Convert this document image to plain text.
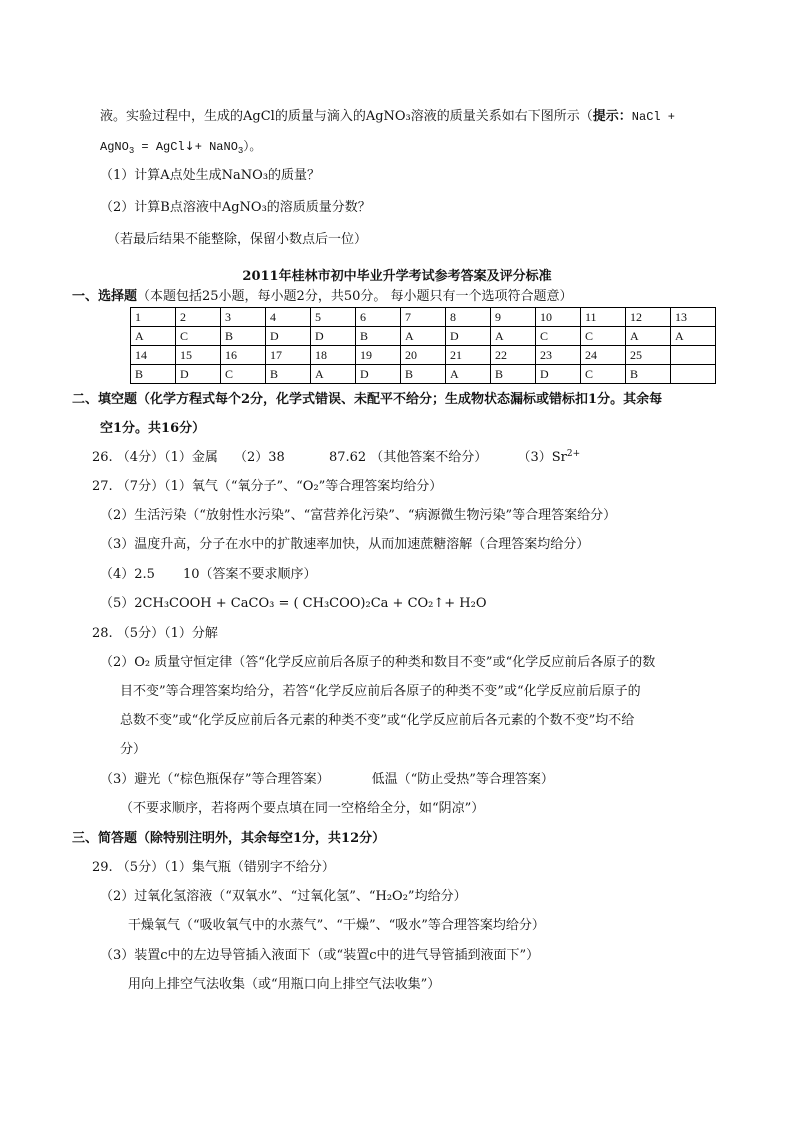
液。实验过程中，生成的AgCl的质量与滴入的AgNO₃溶液的质量关系如右下图所示（提示：NaCl +
AgNO$_3$ = AgCl↓+ NaNO$_3$）。
（1）计算A点处生成NaNO₃的质量？
（2）计算B点溶液中AgNO₃的溶质质量分数？
（若最后结果不能整除，保留小数点后一位）
2011年桂林市初中毕业升学考试参考答案及评分标准
一、选择题（本题包括25小题，每小题2分，共50分。 每小题只有一个选项符合题意）
1	2	3	4	5	6	7	8	9	10	11	12	13
A	C	B	D	D	B	A	D	A	C	C	A	A
14	15	16	17	18	19	20	21	22	23	24	25	
B	D	C	B	A	D	B	A	B	D	C	B	
二、填空题（化学方程式每个2分，化学式错误、未配平不给分；生成物状态漏标或错标扣1分。其余每
空1分。共16分）
26. （4分）（1）金属 （2）38	87.62 （其他答案不给分） $(3)Sr^{2+}$
27. （7分）（1）氧气（“氧分子”、“O₂”等合理答案均给分）
（2）生活污染（“放射性水污染”、“富营养化污染”、“病源微生物污染”等合理答案给分）
（3）温度升高，分子在水中的扩散速率加快，从而加速蔗糖溶解（合理答案均给分）
（4）2.5 10（答案不要求顺序）
（5）2CH₃COOH + CaCO₃ = ( CH₃COO)₂Ca + CO₂↑+ H₂O
28. （5分）（1）分解
（2）O₂ 质量守恒定律（答“化学反应前后各原子的种类和数目不变”或“化学反应前后各原子的数
目不变”等合理答案均给分，若答“化学反应前后各原子的种类不变”或“化学反应前后原子的
总数不变”或“化学反应前后各元素的种类不变”或“化学反应前后各元素的个数不变”均不给
分）
（3）避光（“棕色瓶保存”等合理答案）	低温（“防止受热”等合理答案）
（不要求顺序，若将两个要点填在同一空格给全分，如“阴凉”）
三、简答题（除特别注明外，其余每空1分，共12分）
29. （5分）（1）集气瓶（错别字不给分）
（2）过氧化氢溶液（“双氧水”、“过氧化氢”、“H₂O₂”均给分）
干燥氧气（“吸收氧气中的水蒸气”、“干燥”、“吸水”等合理答案均给分）
（3）装置c中的左边导管插入液面下（或“装置c中的进气导管插到液面下”）
用向上排空气法收集（或“用瓶口向上排空气法收集”）
